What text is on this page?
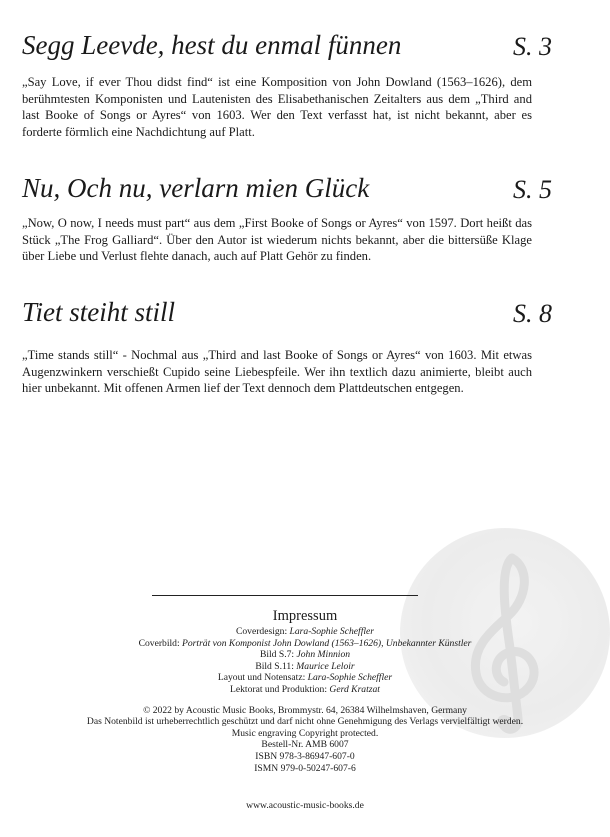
Segg Leevde, hest du enmal fünnen	S. 3
„Say Love, if ever Thou didst find“ ist eine Komposition von John Dowland (1563–1626), dem berühmtesten Komponisten und Lautenisten des Elisabethanischen Zeitalters aus dem „Third and last Booke of Songs or Ayres“ von 1603. Wer den Text verfasst hat, ist nicht bekannt, aber es forderte förmlich eine Nachdichtung auf Platt.
Nu, Och nu, verlarn mien Glück	S. 5
„Now, O now, I needs must part“ aus dem „First Booke of Songs or Ayres“ von 1597. Dort heißt das Stück „The Frog Galliard“. Über den Autor ist wiederum nichts bekannt, aber die bittersüße Klage über Liebe und Verlust flehte danach, auch auf Platt Gehör zu finden.
Tiet steiht still	S. 8
„Time stands still“ - Nochmal aus „Third and last Booke of Songs or Ayres“ von 1603. Mit etwas Augenzwinkern verschießt Cupido seine Liebespfeile. Wer ihn textlich dazu animierte, bleibt auch hier unbekannt. Mit offenen Armen lief der Text dennoch dem Plattdeutschen entgegen.
Impressum
Coverdesign: Lara-Sophie Scheffler
Coverbild: Porträt von Komponist John Dowland (1563–1626), Unbekannter Künstler
Bild S.7: John Minnion
Bild S.11: Maurice Leloir
Layout und Notensatz: Lara-Sophie Scheffler
Lektorat und Produktion: Gerd Kratzat
© 2022 by Acoustic Music Books, Brommystr. 64, 26384 Wilhelmshaven, Germany
Das Notenbild ist urheberrechtlich geschützt und darf nicht ohne Genehmigung des Verlags vervielfältigt werden.
Music engraving Copyright protected.
Bestell-Nr. AMB 6007
ISBN 978-3-86947-607-0
ISMN 979-0-50247-607-6
www.acoustic-music-books.de
